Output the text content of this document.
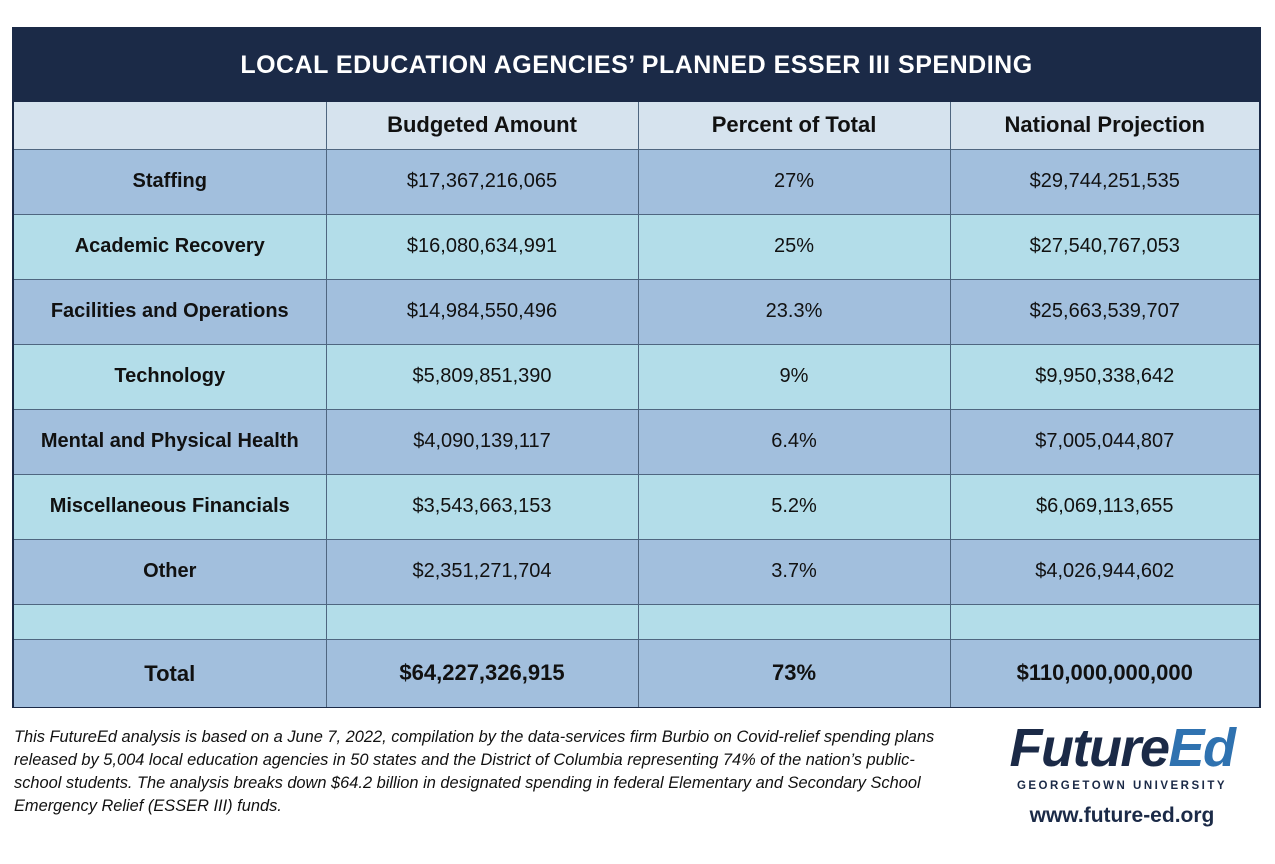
LOCAL EDUCATION AGENCIES’ PLANNED ESSER III SPENDING
	Budgeted Amount	Percent of Total	National Projection
Staffing	$17,367,216,065	27%	$29,744,251,535
Academic Recovery	$16,080,634,991	25%	$27,540,767,053
Facilities and Operations	$14,984,550,496	23.3%	$25,663,539,707
Technology	$5,809,851,390	9%	$9,950,338,642
Mental and Physical Health	$4,090,139,117	6.4%	$7,005,044,807
Miscellaneous Financials	$3,543,663,153	5.2%	$6,069,113,655
Other	$2,351,271,704	3.7%	$4,026,944,602

Total	$64,227,326,915	73%	$110,000,000,000
This FutureEd analysis is based on a June 7, 2022, compilation by the data-services firm Burbio on Covid-relief spending plans released by 5,004 local education agencies in 50 states and the District of Columbia representing 74% of the nation’s public-school students. The analysis breaks down $64.2 billion in designated spending in federal Elementary and Secondary School Emergency Relief (ESSER III) funds.
FutureEd
GEORGETOWN UNIVERSITY
www.future-ed.org
